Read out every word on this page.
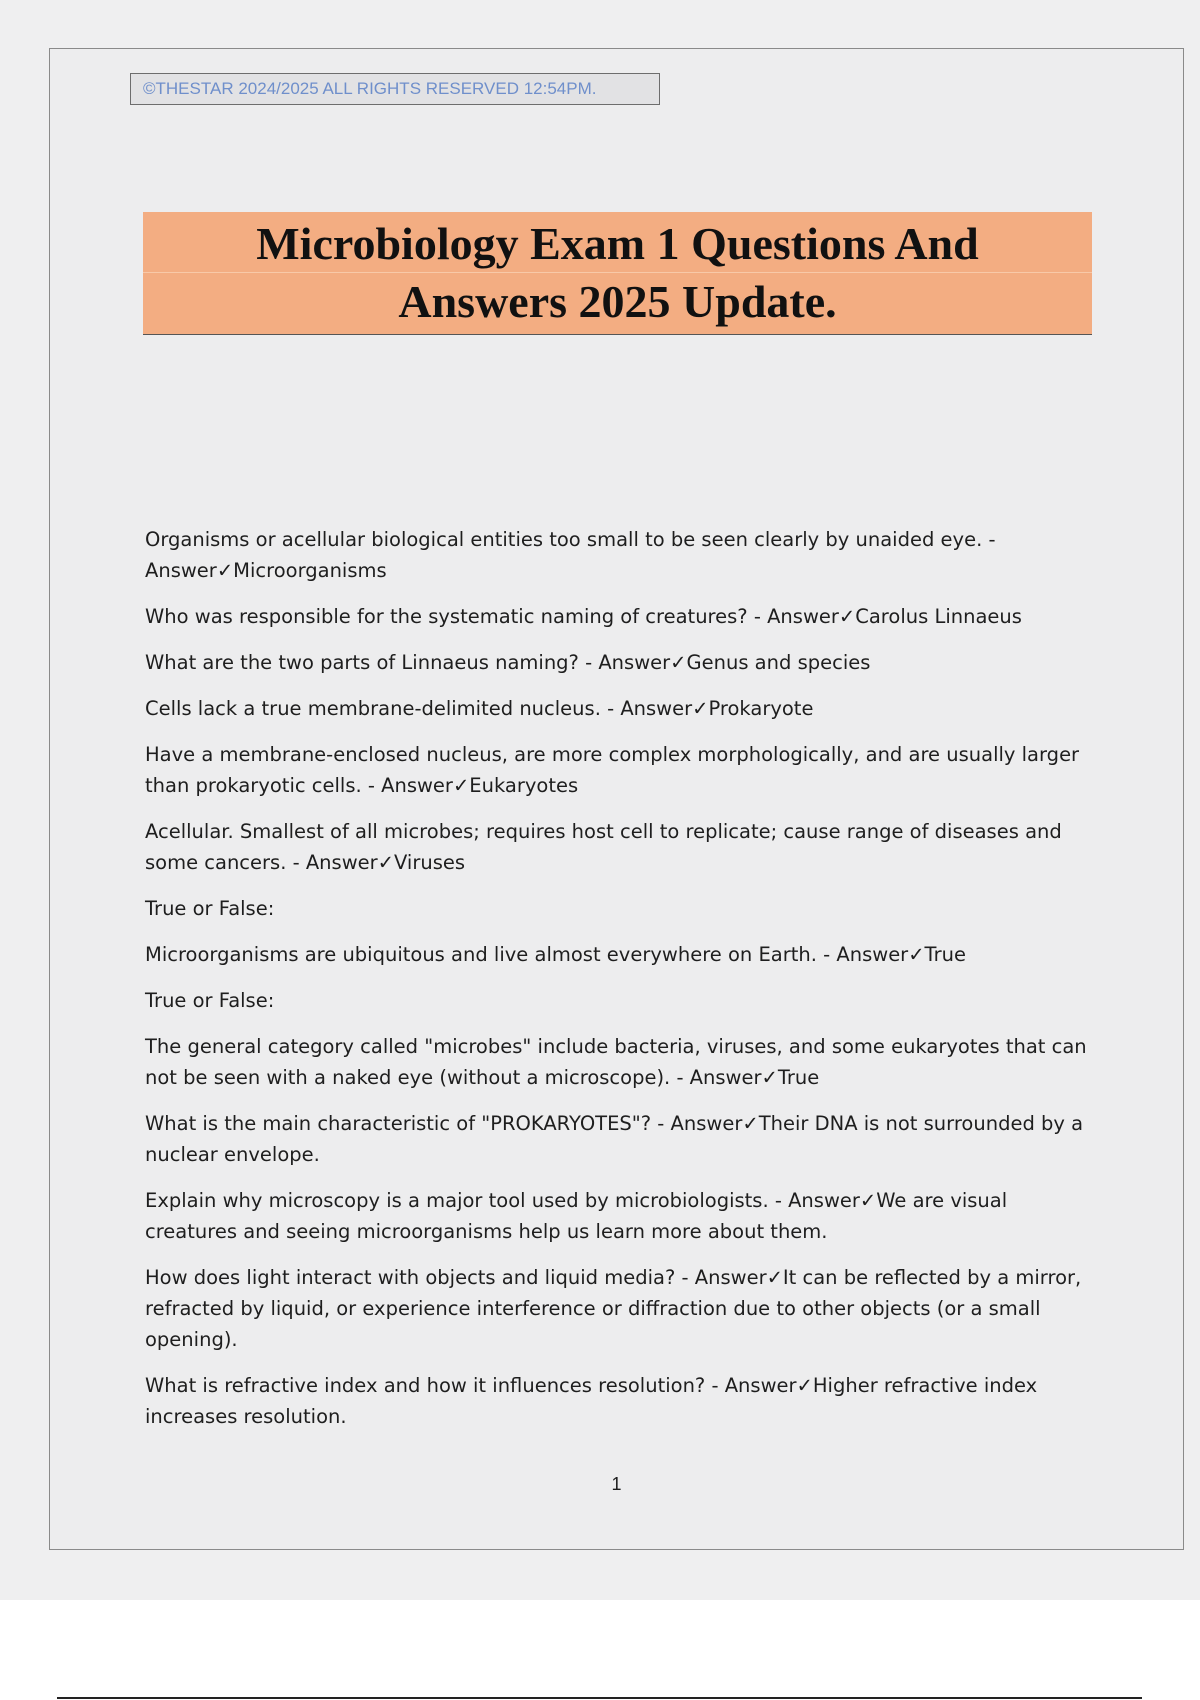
©THESTAR 2024/2025 ALL RIGHTS RESERVED 12:54PM.
Microbiology Exam 1 Questions And
Answers 2025 Update.
Organisms or acellular biological entities too small to be seen clearly by unaided eye. - Answer✓Microorganisms
Who was responsible for the systematic naming of creatures? - Answer✓Carolus Linnaeus
What are the two parts of Linnaeus naming? - Answer✓Genus and species
Cells lack a true membrane-delimited nucleus. - Answer✓Prokaryote
Have a membrane-enclosed nucleus, are more complex morphologically, and are usually larger than prokaryotic cells. - Answer✓Eukaryotes
Acellular. Smallest of all microbes; requires host cell to replicate; cause range of diseases and some cancers. - Answer✓Viruses
True or False:
Microorganisms are ubiquitous and live almost everywhere on Earth. - Answer✓True
True or False:
The general category called "microbes" include bacteria, viruses, and some eukaryotes that can not be seen with a naked eye (without a microscope). - Answer✓True
What is the main characteristic of "PROKARYOTES"? - Answer✓Their DNA is not surrounded by a nuclear envelope.
Explain why microscopy is a major tool used by microbiologists. - Answer✓We are visual creatures and seeing microorganisms help us learn more about them.
How does light interact with objects and liquid media? - Answer✓It can be reflected by a mirror, refracted by liquid, or experience interference or diffraction due to other objects (or a small opening).
What is refractive index and how it influences resolution? - Answer✓Higher refractive index increases resolution.
1
